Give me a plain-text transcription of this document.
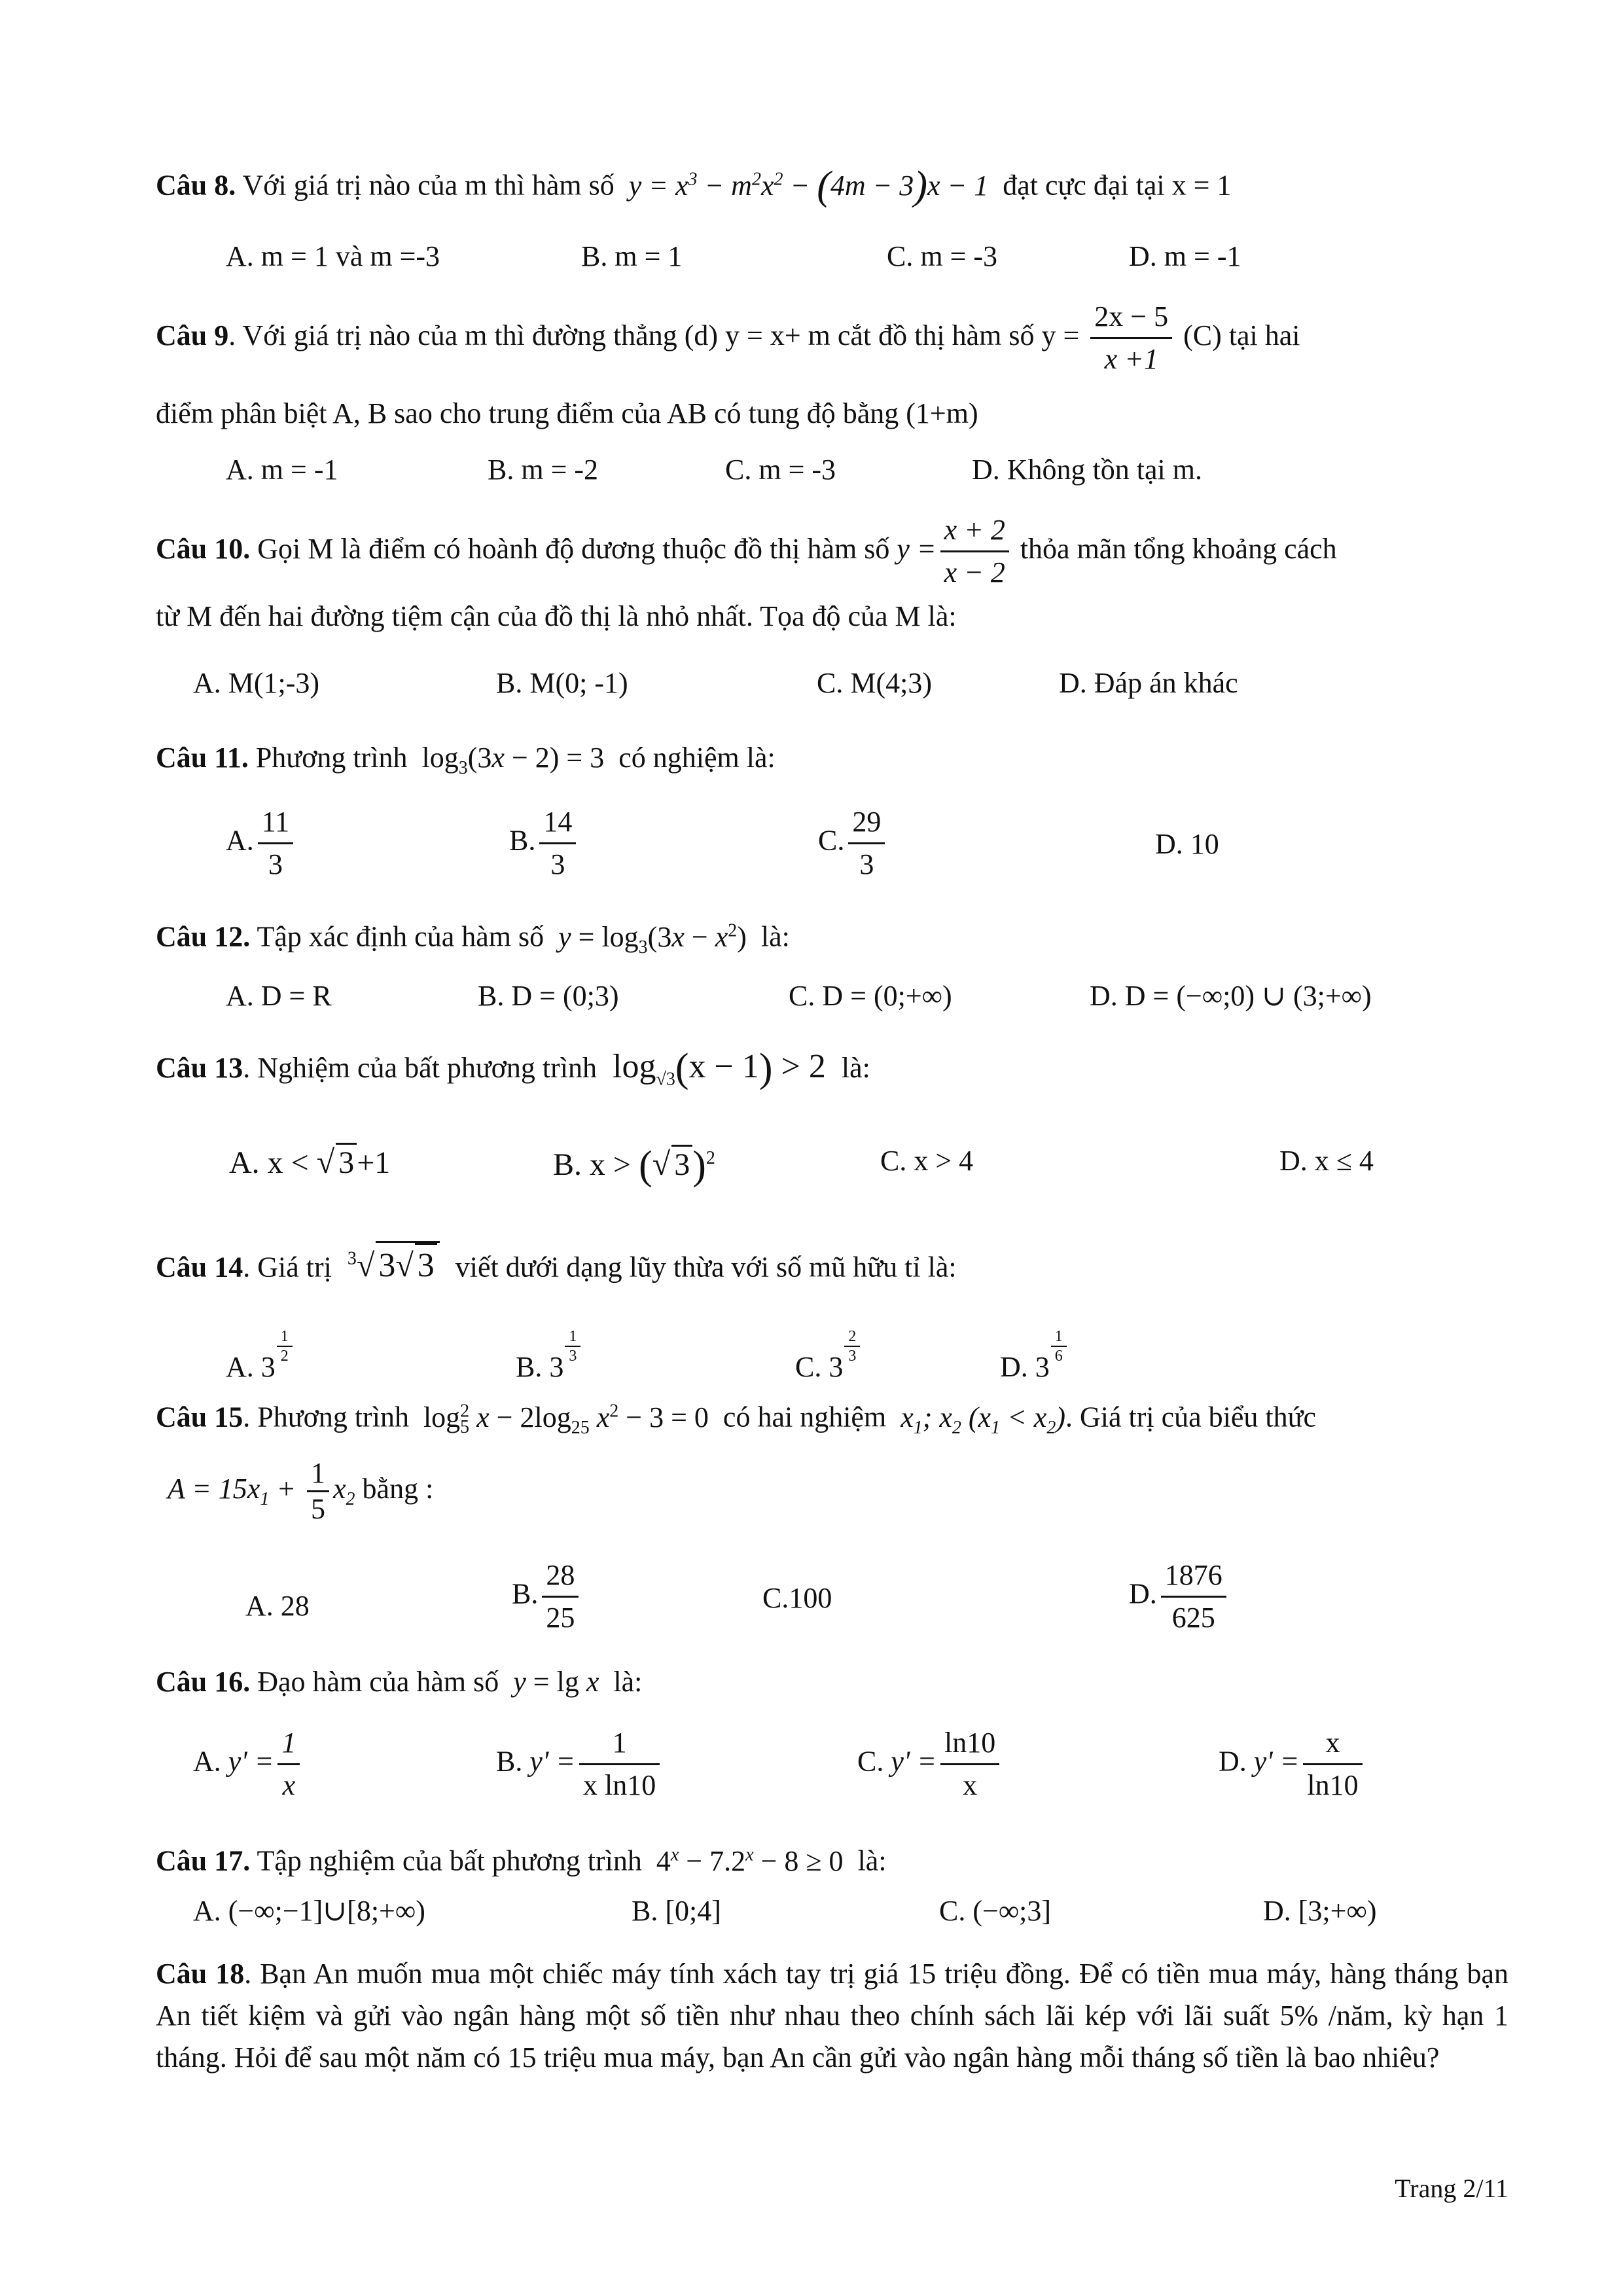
Câu 8. Với giá trị nào của m thì hàm số  $y = x^3 - m^2x^2 - (4m - 3)x - 1$  đạt cực đại tại x = 1
A. m = 1 và m =-3	B. m = 1	C. m = -3	D. m = -1
Câu 9. Với giá trị nào của m thì đường thẳng (d) y = x+ m cắt đồ thị hàm số $y = \frac{2x - 5}{x +1} (C)$ tại hai
điểm phân biệt A, B sao cho trung điểm của AB có tung độ bằng (1+m)
A. m = -1	B. m = -2	C. m = -3	D. Không tồn tại m.
Câu 10. Gọi M là điểm có hoành độ dương thuộc đồ thị hàm số $y = \frac{x + 2}{x - 2}$ thỏa mãn tổng khoảng cách
từ M đến hai đường tiệm cận của đồ thị là nhỏ nhất. Tọa độ của M là:
A. M(1;-3)	B. M(0; -1)	C. M(4;3)	D. Đáp án khác
Câu 11. Phương trình  $\log_3(3x - 2) = 3$  có nghiệm là:
A. $\frac{11}{3}$	B. $\frac{14}{3}$	C. $\frac{29}{3}$	D. 10
Câu 12. Tập xác định của hàm số $y = \log_3(3x - x^2)$  là:
A. D = R	B. D = (0;3)	C. D = (0;+∞)	D. D = (−∞;0) ∪ (3;+∞)
Câu 13. Nghiệm của bất phương trình  $\log_{√3}(x - 1) > 2$  là:
A. x < √ 3+1	B. x > (√ 3)$^2$	C. x > 4	D. x ≤ 4
Câu 14. Giá trị $^3$√ 3√ 3 viết dưới dạng lũy thừa với số mũ hữu tỉ là:
A. 3
$\frac{1}{2}$
B. 3
$\frac{1}{3}$
C. 3
$\frac{2}{3}$
D. 3
$\frac{1}{6}$
Câu 15. Phương trình  $\log^2_5 x - 2\log_{25}$ $x^2 - 3 = 0$  có hai nghiệm  $x_1$; $x_2$ $(x_1 < x_2)$. Giá trị của biểu thức
$A = 15x_1 + \frac{1}{5} x_2$ bằng :
A. 28	B. $\frac{28}{25}$	C.100	D. $\frac{1876}{625}$
Câu 16. Đạo hàm của hàm số y = lg x là:
A. $y' = \frac{1}{x}$	B. $y' = \frac{1}{\text{x ln10}}$	C. $y' = \frac{\ln 10}{x}$	D. $y' = \frac{x}{\ln 10}$
Câu 17. Tập nghiệm của bất phương trình  $4^x - 7.2^x - 8 \ge 0$  là:
A. (−∞;−1]∪[8;+∞)	B. [0;4]	C. (−∞;3]	D. [3;+∞)
Câu 18. Bạn An muốn mua một chiếc máy tính xách tay trị giá 15 triệu đồng. Để có tiền mua máy, hàng tháng bạn An tiết kiệm và gửi vào ngân hàng một số tiền như nhau theo chính sách lãi kép với lãi suất 5% /năm, kỳ hạn 1 tháng. Hỏi để sau một năm có 15 triệu mua máy, bạn An cần gửi vào ngân hàng mỗi tháng số tiền là bao nhiêu?
Trang 2/11
